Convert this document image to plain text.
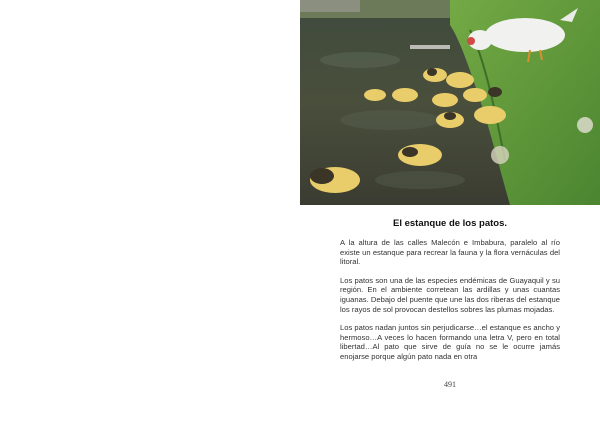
El estanque de los patos.

A la altura de las calles Malecón e Imbabura, paralelo al río existe un estanque para recrear la fauna y la flora vernáculas del litoral.

Los patos son una de las especies endémicas de Guayaquil y su región. En el ambiente corretean las ardillas y unas cuantas iguanas. Debajo del puente que une las dos riberas del estanque los rayos de sol provocan destellos sobres las plumas mojadas.

Los patos nadan juntos sin perjudicarse…el estanque es ancho y hermoso…A veces lo hacen formando una letra V, pero en total libertad…Al pato que sirve de guía no se le ocurre jamás enojarse porque algún pato nada en otra

491
